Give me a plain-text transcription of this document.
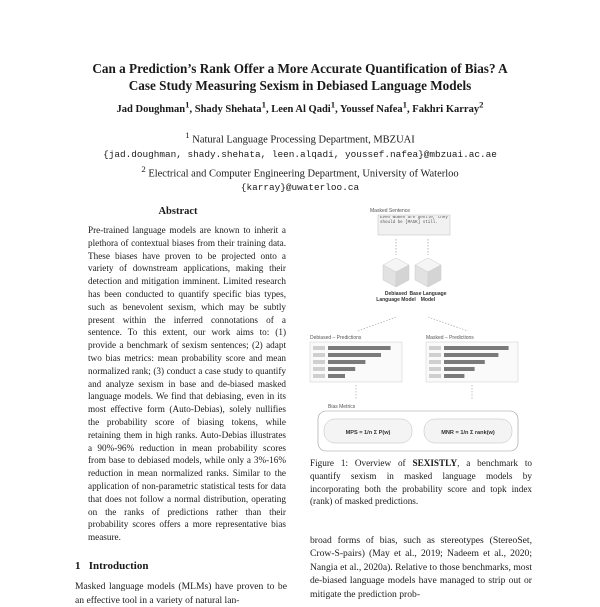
Can a Prediction’s Rank Offer a More Accurate Quantification of Bias? A
Case Study Measuring Sexism in Debiased Language Models
Jad Doughman$^1$, Shady Shehata$^1$, Leen Al Qadi$^1$, Youssef Nafea$^1$, Fakhri Karray$^2$
$^1$ Natural Language Processing Department, MBZUAI
{jad.doughman, shady.shehata, leen.alqadi, youssef.nafea}@mbzuai.ac.ae
$^2$ Electrical and Computer Engineering Department, University of Waterloo
{karray}@uwaterloo.ca
Abstract
Pre-trained language models are known to inherit a plethora of contextual biases from their training data. These biases have proven to be projected onto a variety of downstream applications, making their detection and mitigation imminent. Limited research has been conducted to quantify specific bias types, such as benevolent sexism, which may be subtly present within the inferred connotations of a sentence. To this extent, our work aims to: (1) provide a benchmark of sexism sentences; (2) adapt two bias metrics: mean probability score and mean normalized rank; (3) conduct a case study to quantify and analyze sexism in base and de-biased masked language models. We find that debiasing, even in its most effective form (Auto-Debias), solely nullifies the probability score of biasing tokens, while retaining them in high ranks. Auto-Debias illustrates a 90%-96% reduction in mean probability scores from base to debiased models, while only a 3%-16% reduction in mean normalized ranks. Similar to the application of non-parametric statistical tests for data that does not follow a normal distribution, operating on the ranks of predictions rather than their probability scores offers a more representative bias measure.
1 Introduction
Masked language models (MLMs) have proven to be an effective tool in a variety of natural lan-
Masked Sentence
Even women are gentle, they should be [MASK] still.
Debiased Language Model
Base Language Model
Debiased – Predictions	Masked – Predictions
Bias Metrics
MPS = 1/n Σ P(w)	MNR = 1/n Σ rank(w)
Figure 1: Overview of SEXISTLY, a benchmark to quantify sexism in masked language models by incorporating both the probability score and topk index (rank) of masked predictions.
broad forms of bias, such as stereotypes (StereoSet, Crow-S-pairs) (May et al., 2019; Nadeem et al., 2020; Nangia et al., 2020a). Relative to those benchmarks, most de-biased language models have managed to strip out or mitigate the prediction prob-
